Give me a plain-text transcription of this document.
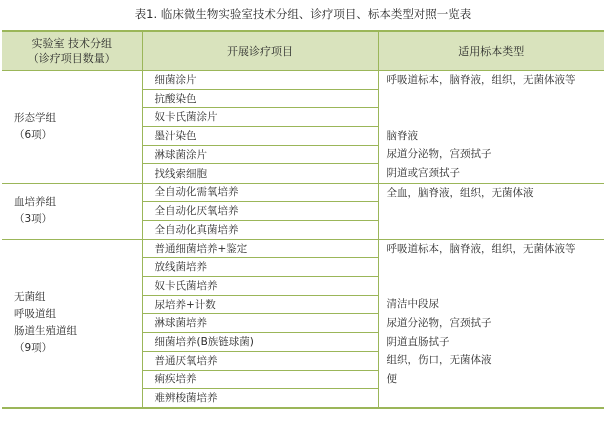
表1. 临床微生物实验室技术分组、诊疗项目、标本类型对照一览表
实验室 技术分组
（诊疗项目数量）	开展诊疗项目	适用标本类型

形态学组
（6项）	细菌涂片	呼吸道标本，脑脊液，组织，无菌体液等
	抗酸染色	
	奴卡氏菌涂片	
	墨汁染色	脑脊液
	淋球菌涂片	尿道分泌物，宫颈拭子
	找线索细胞	阴道或宫颈拭子

血培养组
（3项）	全自动化需氧培养	全血，脑脊液，组织，无菌体液
	全自动化厌氧培养	
	全自动化真菌培养	

无菌组
呼吸道组
肠道生殖道组
（9项）	普通细菌培养+鉴定	呼吸道标本，脑脊液，组织，无菌体液等
	放线菌培养	
	奴卡氏菌培养	
	尿培养+计数	清洁中段尿
	淋球菌培养	尿道分泌物，宫颈拭子
	细菌培养(B族链球菌)	阴道直肠拭子
	普通厌氧培养	组织，伤口，无菌体液
	痢疾培养	便
	难辨梭菌培养	
